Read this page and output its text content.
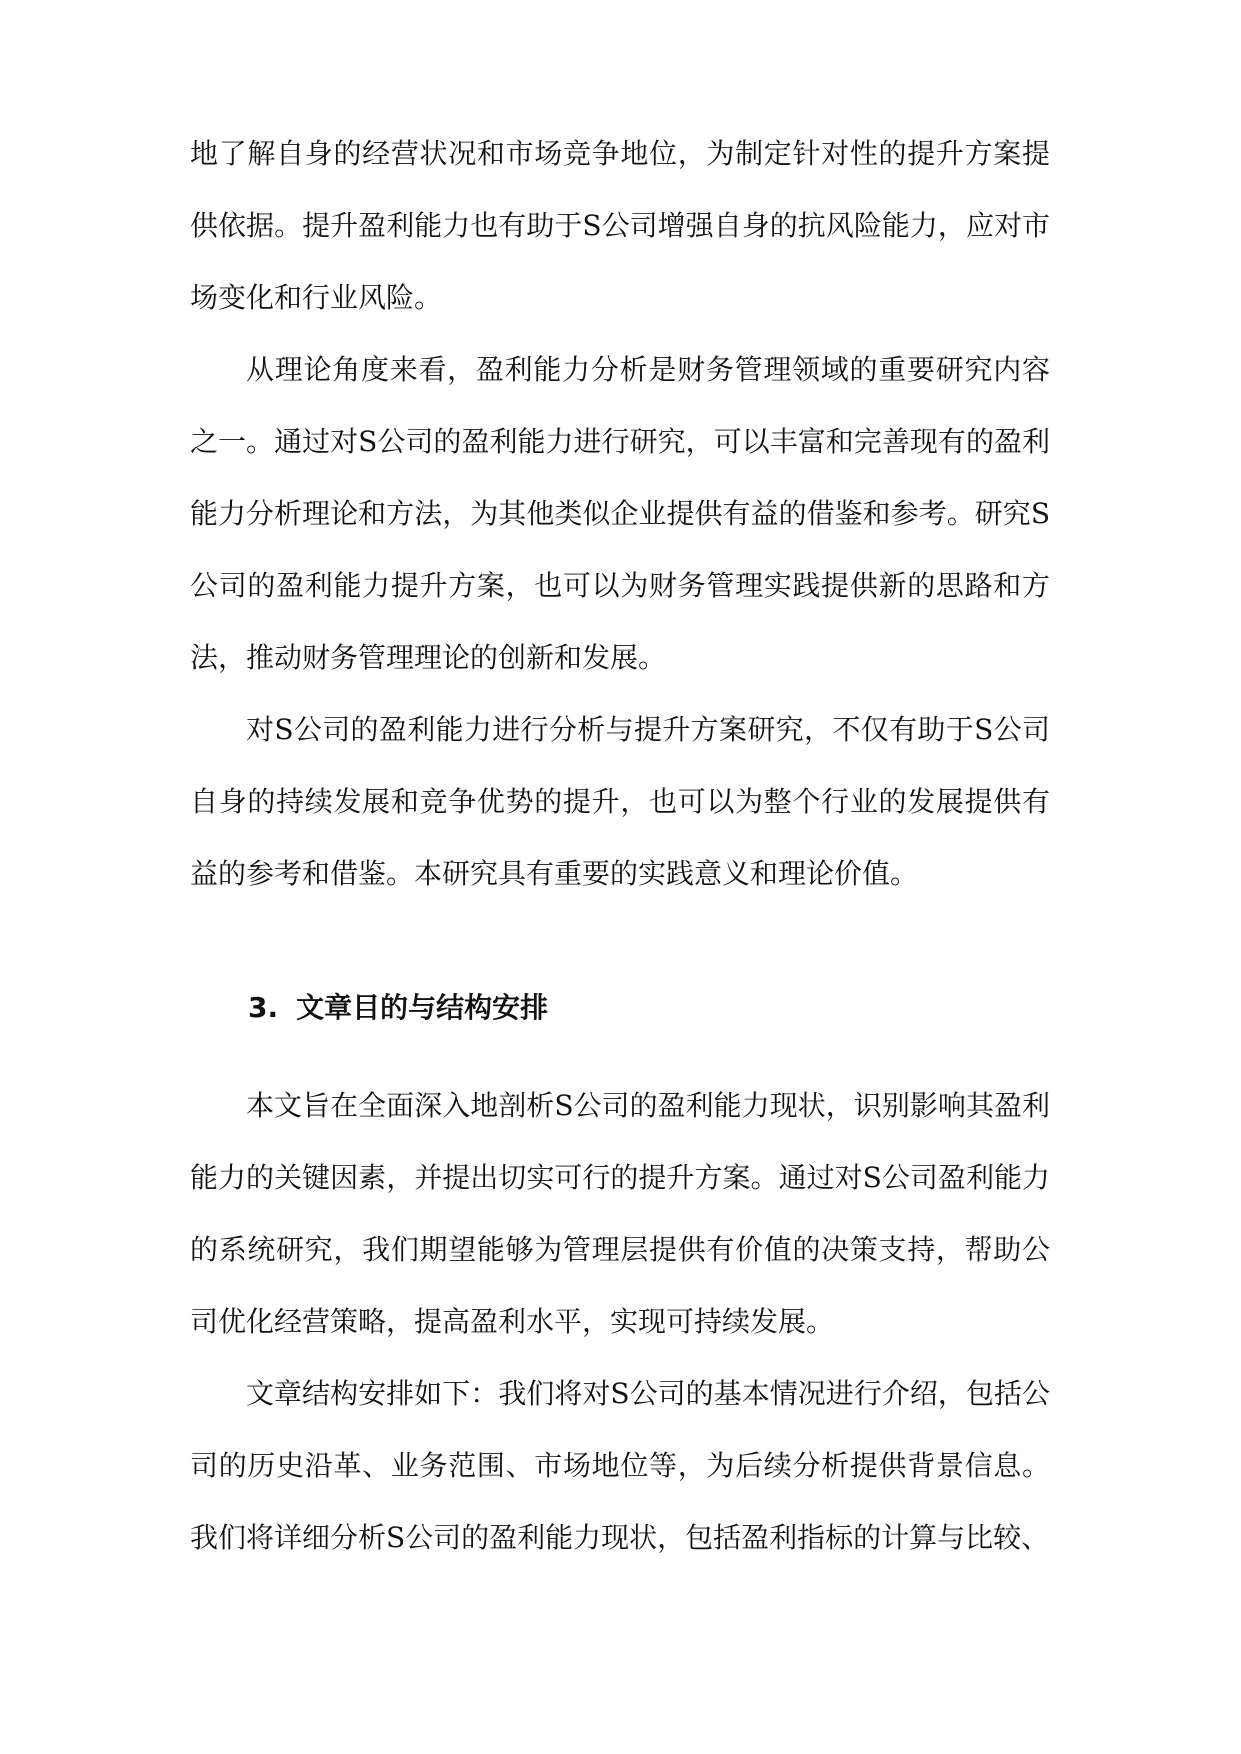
地了解自身的经营状况和市场竞争地位，为制定针对性的提升方案提供依据。提升盈利能力也有助于S公司增强自身的抗风险能力，应对市场变化和行业风险。

从理论角度来看，盈利能力分析是财务管理领域的重要研究内容之一。通过对S公司的盈利能力进行研究，可以丰富和完善现有的盈利能力分析理论和方法，为其他类似企业提供有益的借鉴和参考。研究S公司的盈利能力提升方案，也可以为财务管理实践提供新的思路和方法，推动财务管理理论的创新和发展。

对S公司的盈利能力进行分析与提升方案研究，不仅有助于S公司自身的持续发展和竞争优势的提升，也可以为整个行业的发展提供有益的参考和借鉴。本研究具有重要的实践意义和理论价值。

3. 文章目的与结构安排

本文旨在全面深入地剖析S公司的盈利能力现状，识别影响其盈利能力的关键因素，并提出切实可行的提升方案。通过对S公司盈利能力的系统研究，我们期望能够为管理层提供有价值的决策支持，帮助公司优化经营策略，提高盈利水平，实现可持续发展。

文章结构安排如下：我们将对S公司的基本情况进行介绍，包括公司的历史沿革、业务范围、市场地位等，为后续分析提供背景信息。我们将详细分析S公司的盈利能力现状，包括盈利指标的计算与比较、
